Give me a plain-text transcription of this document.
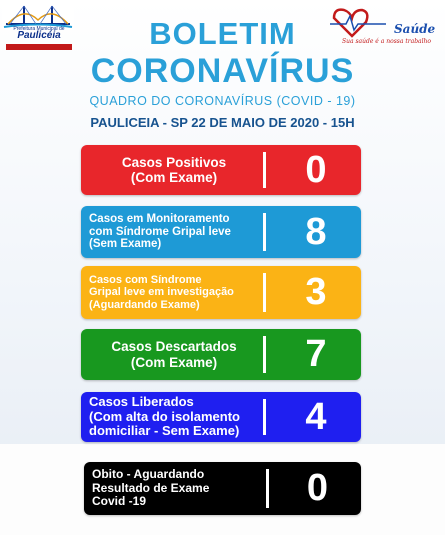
Prefeitura Municipal de
Paulicéia	Saúde
Sua saúde é a nossa trabalho
BOLETIM
CORONAVÍRUS
QUADRO DO CORONAVÍRUS (COVID - 19)
PAULICEIA - SP 22 DE MAIO DE 2020 - 15H
Casos Positivos
(Com Exame)	0
Casos em Monitoramento
com Síndrome Gripal leve
(Sem Exame)	8
Casos com Síndrome
Gripal leve em investigação
(Aguardando Exame)	3
Casos Descartados
(Com Exame)	7
Casos Liberados
(Com alta do isolamento
domiciliar - Sem Exame)	4
Obito - Aguardando
Resultado de Exame
Covid -19	0
